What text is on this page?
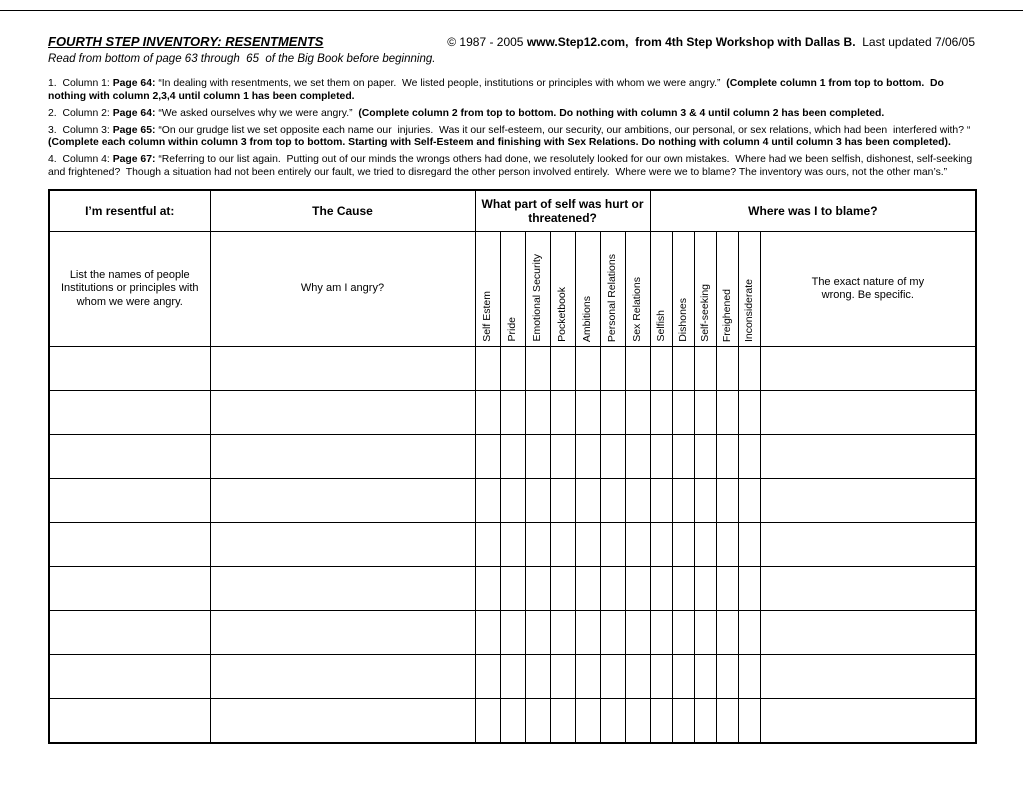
FOURTH STEP INVENTORY: RESENTMENTS	© 1987 - 2005 www.Step12.com,  from 4th Step Workshop with Dallas B.  Last updated 7/06/05
Read from bottom of page 63 through  65  of the Big Book before beginning.

1.  Column 1: Page 64: “In dealing with resentments, we set them on paper.  We listed people, institutions or principles with whom we were angry.”  (Complete column 1 from top to bottom.  Do nothing with column 2,3,4 until column 1 has been completed.

2.  Column 2: Page 64: “We asked ourselves why we were angry.”  (Complete column 2 from top to bottom. Do nothing with column 3 & 4 until column 2 has been completed.

3.  Column 3: Page 65: “On our grudge list we set opposite each name our  injuries.  Was it our self-esteem, our security, our ambitions, our personal, or sex relations, which had been  interfered with? “ (Complete each column within column 3 from top to bottom. Starting with Self-Esteem and finishing with Sex Relations. Do nothing with column 4 until column 3 has been completed).

4.  Column 4: Page 67: “Referring to our list again.  Putting out of our minds the wrongs others had done, we resolutely looked for our own mistakes.  Where had we been selfish, dishonest, self-seeking and frightened?  Though a situation had not been entirely our fault, we tried to disregard the other person involved entirely.  Where were we to blame? The inventory was ours, not the other man’s.”

I’m resentful at:	The Cause	What part of self was hurt or threatened?							Where was I to blame?					
List the names of people Institutions or principles with whom we were angry.	Why am I angry?	Self Estem	Pride	Emotional Security	Pocketbook	Ambitions	Personal Relations	Sex Relations	Selfish	Dishones	Self-seeking	Freighened	Inconsiderate	The exact nature of my wrong. Be specific.
